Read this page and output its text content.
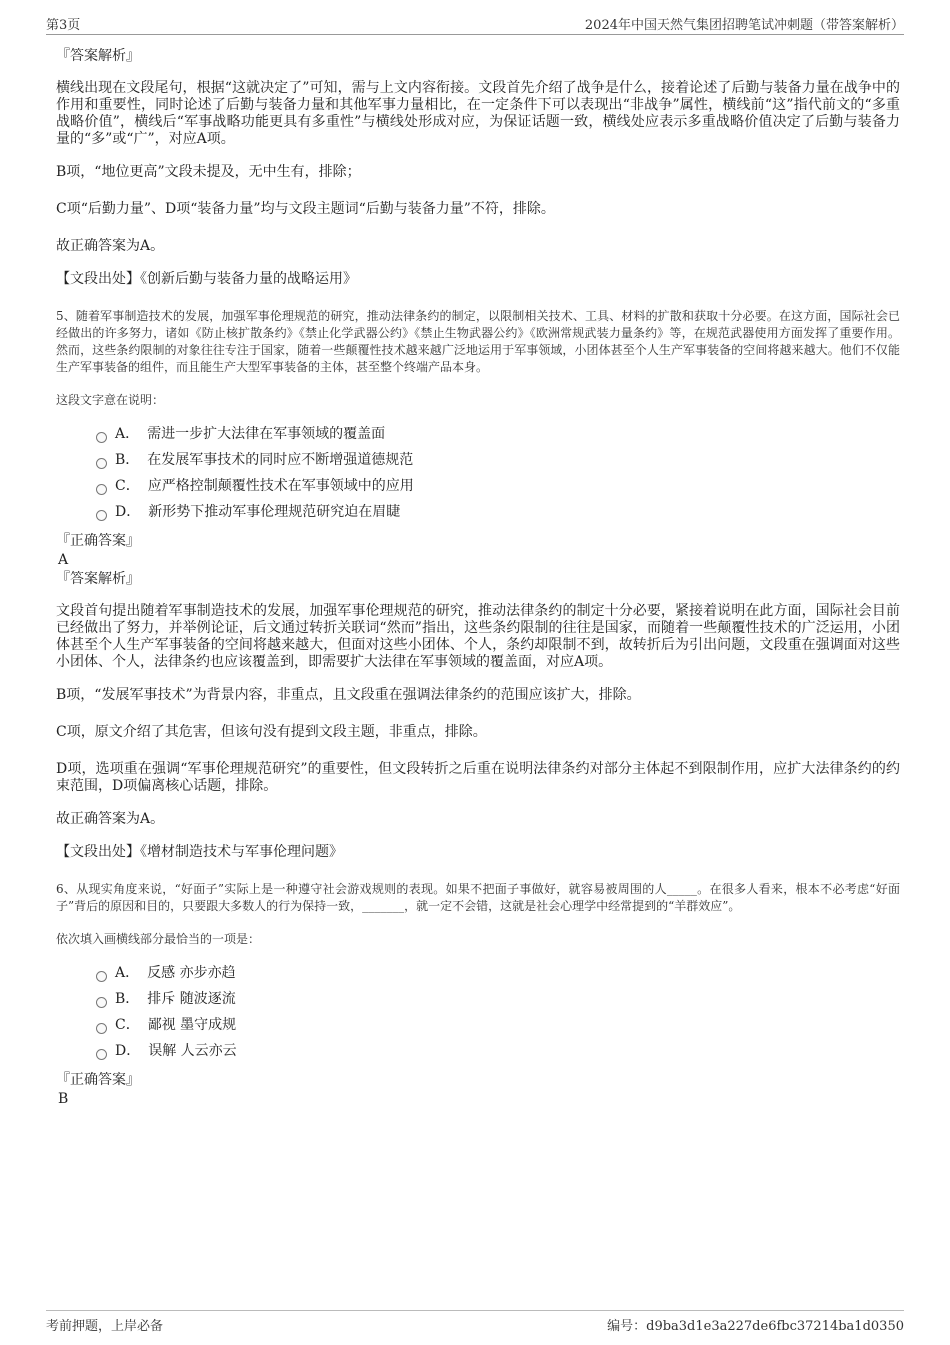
第3页	2024年中国天然气集团招聘笔试冲刺题（带答案解析）

『答案解析』

横线出现在文段尾句，根据“这就决定了”可知，需与上文内容衔接。文段首先介绍了战争是什么，接着论述了后勤与装备力量在战争中的作用和重要性，同时论述了后勤与装备力量和其他军事力量相比，在一定条件下可以表现出“非战争”属性，横线前“这”指代前文的“多重战略价值”，横线后“军事战略功能更具有多重性”与横线处形成对应，为保证话题一致，横线处应表示多重战略价值决定了后勤与装备力量的“多”或“广”，对应A项。

B项，“地位更高”文段未提及，无中生有，排除；

C项“后勤力量”、D项“装备力量”均与文段主题词“后勤与装备力量”不符，排除。

故正确答案为A。

【文段出处】《创新后勤与装备力量的战略运用》

5、随着军事制造技术的发展，加强军事伦理规范的研究，推动法律条约的制定，以限制相关技术、工具、材料的扩散和获取十分必要。在这方面，国际社会已经做出的许多努力，诸如《防止核扩散条约》《禁止化学武器公约》《禁止生物武器公约》《欧洲常规武装力量条约》等，在规范武器使用方面发挥了重要作用。然而，这些条约限制的对象往往专注于国家，随着一些颠覆性技术越来越广泛地运用于军事领域，小团体甚至个人生产军事装备的空间将越来越大。他们不仅能生产军事装备的组件，而且能生产大型军事装备的主体，甚至整个终端产品本身。

这段文字意在说明：

A． 需进一步扩大法律在军事领域的覆盖面
B． 在发展军事技术的同时应不断增强道德规范
C． 应严格控制颠覆性技术在军事领域中的应用
D． 新形势下推动军事伦理规范研究迫在眉睫

『正确答案』

A

『答案解析』

文段首句提出随着军事制造技术的发展，加强军事伦理规范的研究，推动法律条约的制定十分必要，紧接着说明在此方面，国际社会目前已经做出了努力，并举例论证，后文通过转折关联词“然而”指出，这些条约限制的往往是国家，而随着一些颠覆性技术的广泛运用，小团体甚至个人生产军事装备的空间将越来越大，但面对这些小团体、个人，条约却限制不到，故转折后为引出问题，文段重在强调面对这些小团体、个人，法律条约也应该覆盖到，即需要扩大法律在军事领域的覆盖面，对应A项。

B项，“发展军事技术”为背景内容，非重点，且文段重在强调法律条约的范围应该扩大，排除。

C项，原文介绍了其危害，但该句没有提到文段主题，非重点，排除。

D项，选项重在强调“军事伦理规范研究”的重要性，但文段转折之后重在说明法律条约对部分主体起不到限制作用，应扩大法律条约的约束范围，D项偏离核心话题，排除。

故正确答案为A。

【文段出处】《增材制造技术与军事伦理问题》

6、从现实角度来说，“好面子”实际上是一种遵守社会游戏规则的表现。如果不把面子事做好，就容易被周围的人_____。在很多人看来，根本不必考虑“好面子”背后的原因和目的，只要跟大多数人的行为保持一致，_______，就一定不会错，这就是社会心理学中经常提到的“羊群效应”。

依次填入画横线部分最恰当的一项是：

A． 反感 亦步亦趋
B． 排斥 随波逐流
C． 鄙视 墨守成规
D． 误解 人云亦云

『正确答案』

B

考前押题，上岸必备	编号：d9ba3d1e3a227de6fbc37214ba1d0350
